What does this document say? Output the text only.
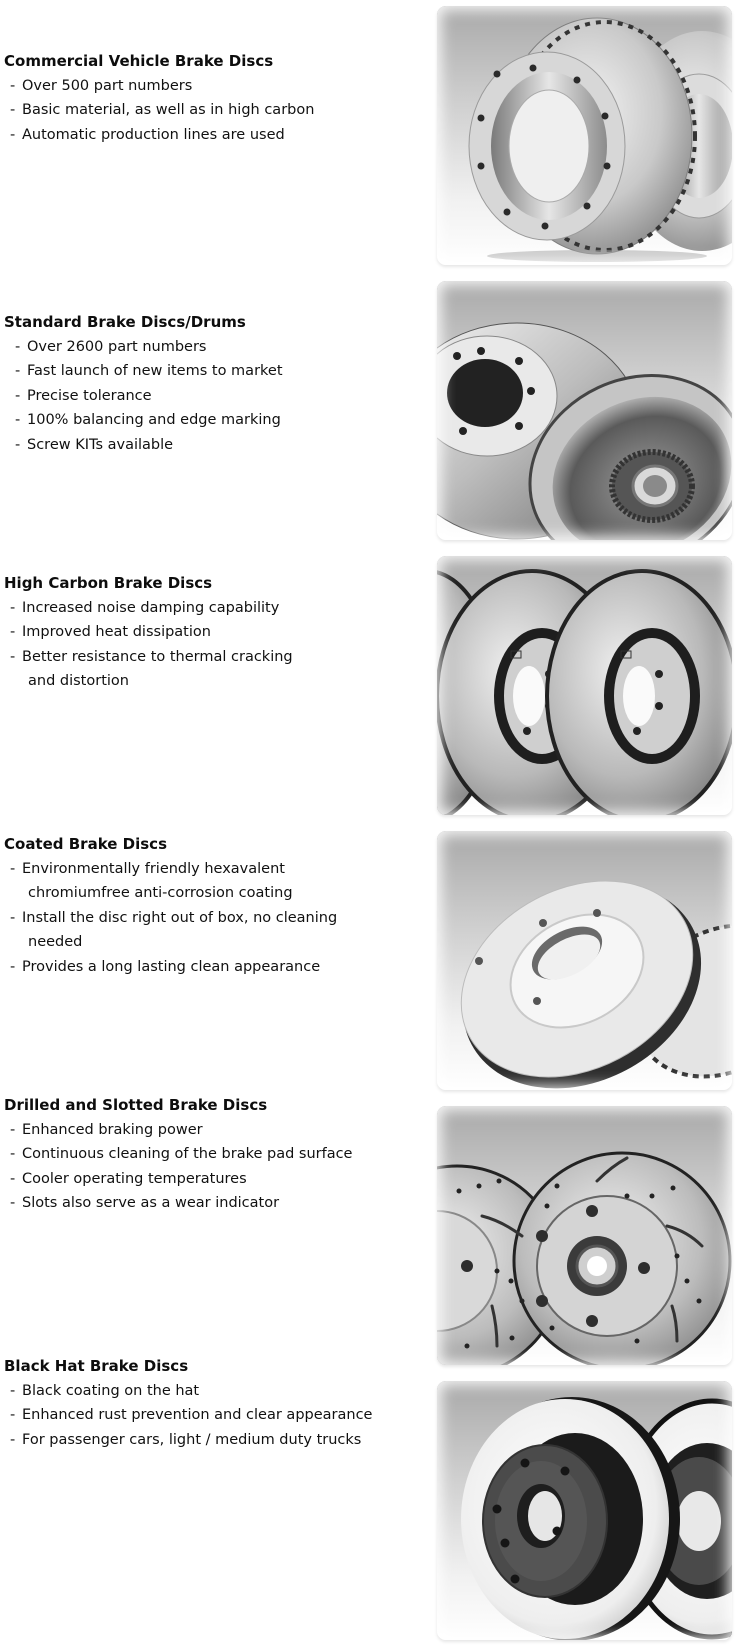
Commercial Vehicle Brake Discs
- Over 500 part numbers
- Basic material, as well as in high carbon
- Automatic production lines are used
Standard Brake Discs/Drums
- Over 2600 part numbers
- Fast launch of new items to market
- Precise tolerance
- 100% balancing and edge marking
- Screw KITs available
High Carbon Brake Discs
- Increased noise damping capability
- Improved heat dissipation
- Better resistance to thermal cracking
and distortion
Coated Brake Discs
- Environmentally friendly hexavalent
chromiumfree anti-corrosion coating
- Install the disc right out of box, no cleaning
needed
- Provides a long lasting clean appearance
Drilled and Slotted Brake Discs
- Enhanced braking power
- Continuous cleaning of the brake pad surface
- Cooler operating temperatures
- Slots also serve as a wear indicator
Black Hat Brake Discs
- Black coating on the hat
- Enhanced rust prevention and clear appearance
- For passenger cars, light / medium duty trucks
